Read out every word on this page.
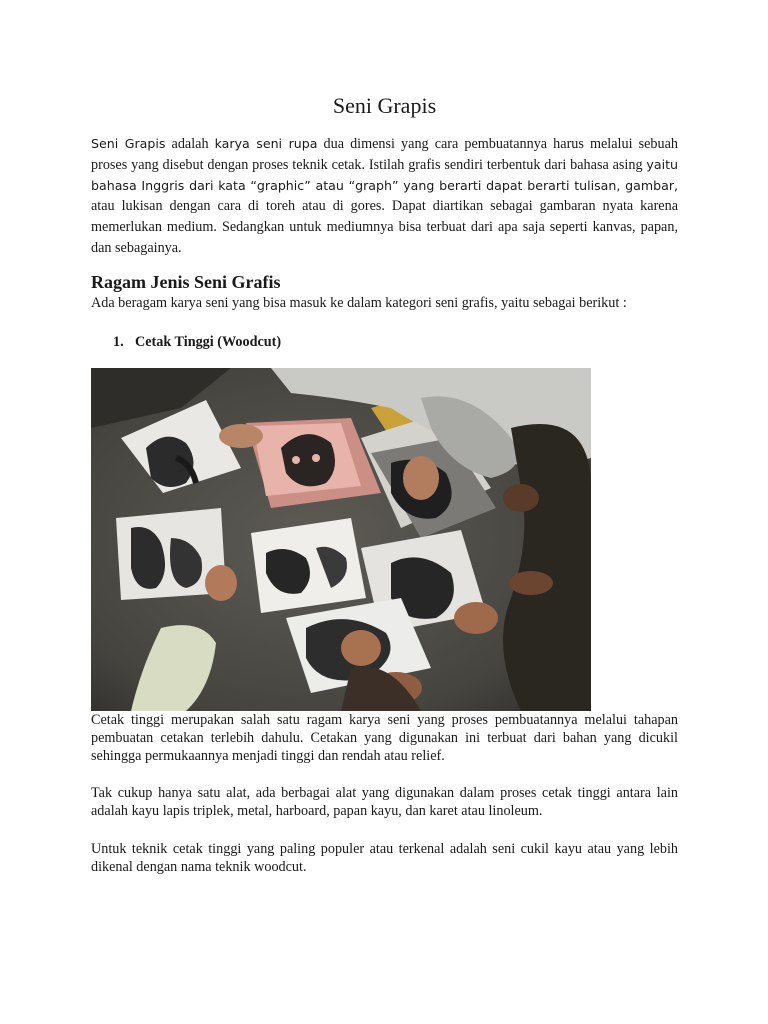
Seni Grapis

Seni Grapis adalah karya seni rupa dua dimensi yang cara pembuatannya harus melalui sebuah proses yang disebut dengan proses teknik cetak. Istilah grafis sendiri terbentuk dari bahasa asing yaitu bahasa Inggris dari kata “graphic” atau “graph” yang berarti dapat berarti tulisan, gambar, atau lukisan dengan cara di toreh atau di gores. Dapat diartikan sebagai gambaran nyata karena memerlukan medium. Sedangkan untuk mediumnya bisa terbuat dari apa saja seperti kanvas, papan, dan sebagainya.

Ragam Jenis Seni Grafis

Ada beragam karya seni yang bisa masuk ke dalam kategori seni grafis, yaitu sebagai berikut :

1. Cetak Tinggi (Woodcut)

Cetak tinggi merupakan salah satu ragam karya seni yang proses pembuatannya melalui tahapan pembuatan cetakan terlebih dahulu. Cetakan yang digunakan ini terbuat dari bahan yang dicukil sehingga permukaannya menjadi tinggi dan rendah atau relief.

Tak cukup hanya satu alat, ada berbagai alat yang digunakan dalam proses cetak tinggi antara lain adalah kayu lapis triplek, metal, harboard, papan kayu, dan karet atau linoleum.

Untuk teknik cetak tinggi yang paling populer atau terkenal adalah seni cukil kayu atau yang lebih dikenal dengan nama teknik woodcut.
